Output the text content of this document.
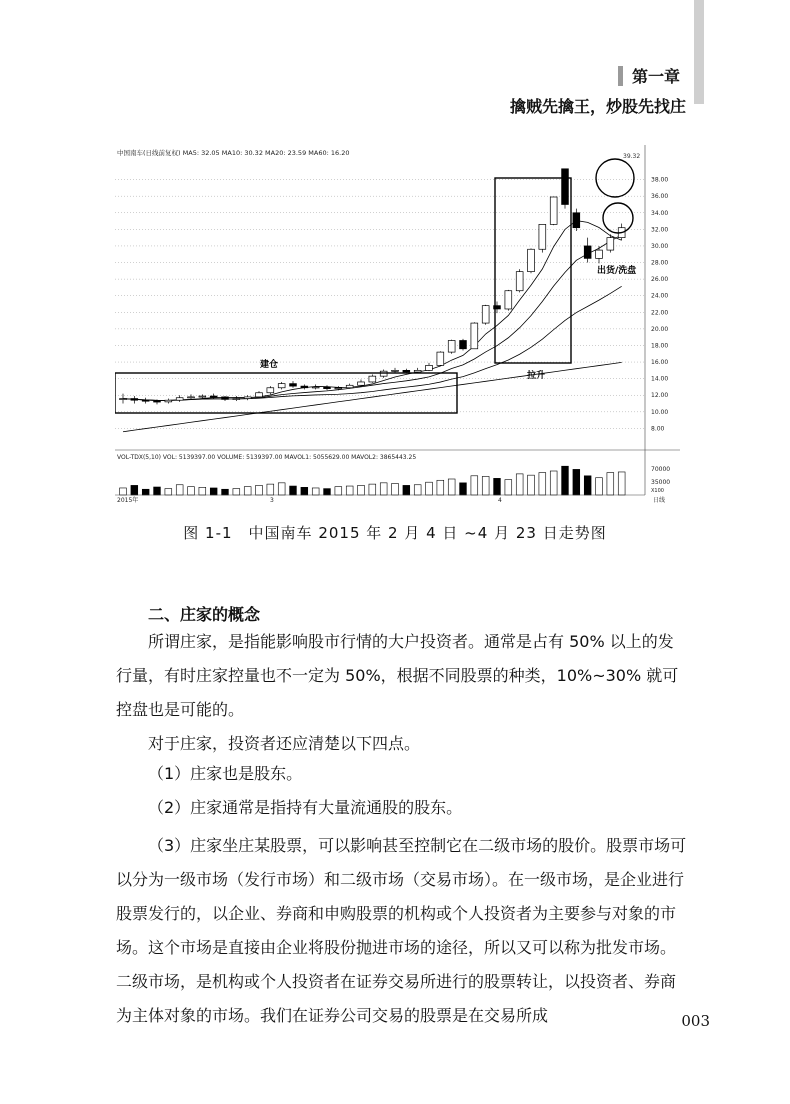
第一章
擒贼先擒王，炒股先找庄
中国南车(日线前复权) MA5: 32.05 MA10: 30.32 MA20: 23.59 MA60: 16.20
38.00
36.00
34.00
32.00
30.00
28.00
26.00
24.00
22.00
20.00
18.00
16.00
14.00
12.00
10.00
8.00
建仓
拉升
出货/洗盘
39.32
VOL-TDX(5,10) VOL: 5139397.00 VOLUME: 5139397.00 MAVOL1: 5055629.00 MAVOL2: 3865443.25
70000
35000
X100
日线
2015年	3	4
图 1-1　中国南车 2015 年 2 月 4 日 ~4 月 23 日走势图
二、庄家的概念

所谓庄家，是指能影响股市行情的大户投资者。通常是占有 50% 以上的发行量，有时庄家控量也不一定为 50%，根据不同股票的种类，10%~30% 就可控盘也是可能的。

对于庄家，投资者还应清楚以下四点。

（1）庄家也是股东。

（2）庄家通常是指持有大量流通股的股东。

（3）庄家坐庄某股票，可以影响甚至控制它在二级市场的股价。股票市场可以分为一级市场（发行市场）和二级市场（交易市场）。在一级市场，是企业进行股票发行的，以企业、券商和申购股票的机构或个人投资者为主要参与对象的市场。这个市场是直接由企业将股份抛进市场的途径，所以又可以称为批发市场。二级市场，是机构或个人投资者在证券交易所进行的股票转让，以投资者、券商为主体对象的市场。我们在证券公司交易的股票是在交易所成	003
